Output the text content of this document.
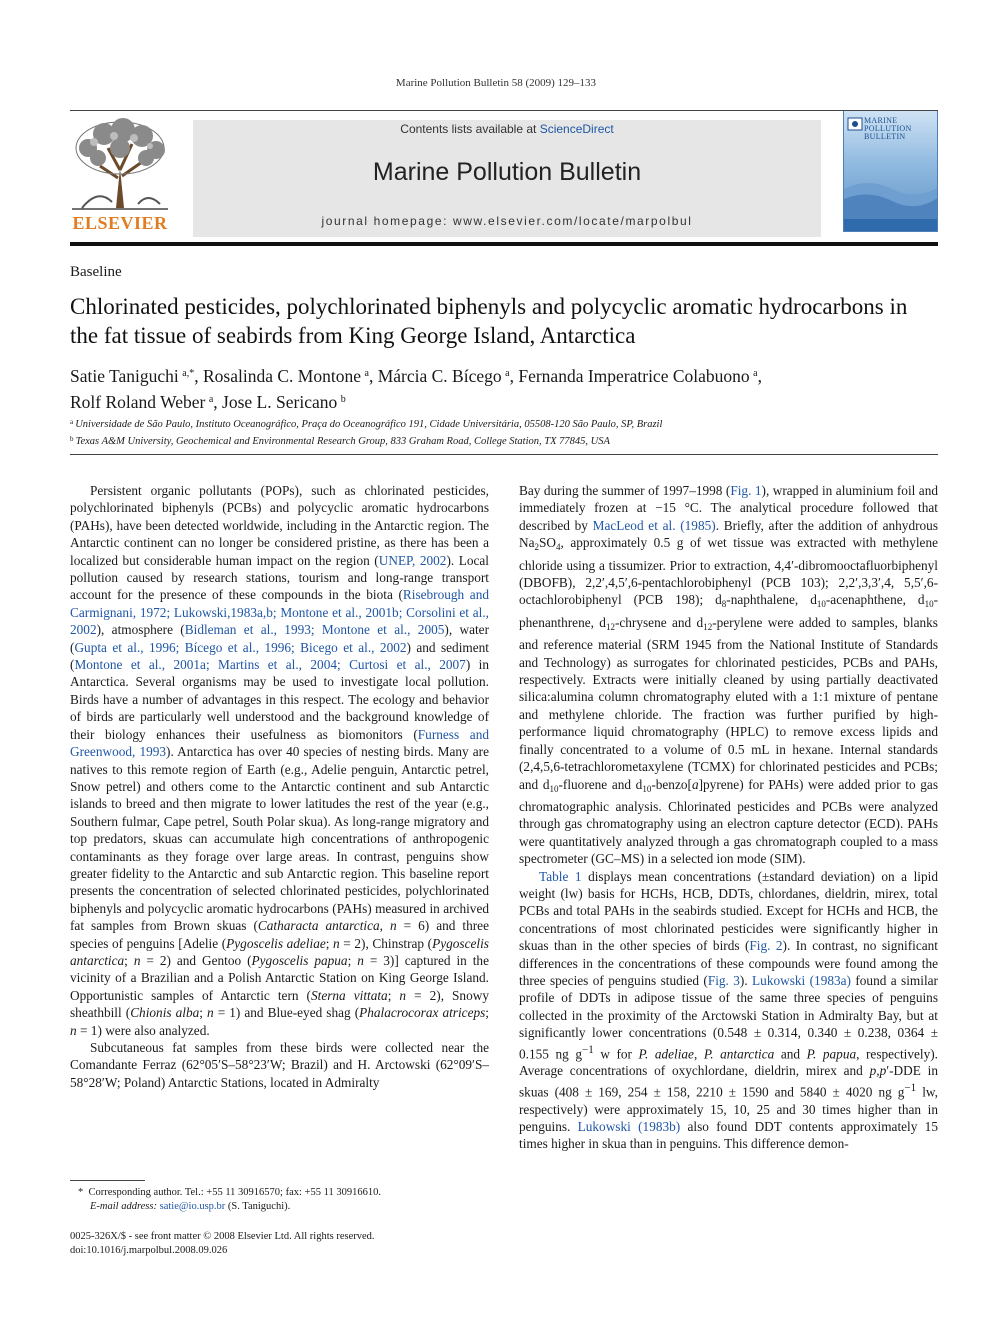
Marine Pollution Bulletin 58 (2009) 129–133
ELSEVIER
Contents lists available at ScienceDirect
Marine Pollution Bulletin
journal homepage: www.elsevier.com/locate/marpolbul
MARINE POLLUTION BULLETIN
Baseline
Chlorinated pesticides, polychlorinated biphenyls and polycyclic aromatic hydrocarbons in the fat tissue of seabirds from King George Island, Antarctica
Satie Taniguchi  $^{a,*}$, Rosalinda C. Montone  $^a$, Márcia C. Bícego  $^a$, Fernanda Imperatrice Colabuono  $^a$,
Rolf Roland Weber  $^a$, Jose L. Sericano  $^b$
$^a$  Universidade de São Paulo, Instituto Oceanográfico, Praça do Oceanográfico 191, Cidade Universitária, 05508-120 São Paulo, SP, Brazil
$^b$  Texas A&M University, Geochemical and Environmental Research Group, 833 Graham Road, College Station, TX 77845, USA

Persistent organic pollutants (POPs), such as chlorinated pesticides, polychlorinated biphenyls (PCBs) and polycyclic aromatic hydrocarbons (PAHs), have been detected worldwide, including in the Antarctic region. The Antarctic continent can no longer be considered pristine, as there has been a localized but considerable human impact on the region (UNEP, 2002). Local pollution caused by research stations, tourism and long-range transport account for the presence of these compounds in the biota (Risebrough and Carmignani, 1972; Lukowski,1983a,b; Montone et al., 2001b; Corsolini et al., 2002), atmosphere (Bidleman et al., 1993; Montone et al., 2005), water (Gupta et al., 1996; Bícego et al., 1996; Bicego et al., 2002) and sediment (Montone et al., 2001a; Martins et al., 2004; Curtosi et al., 2007) in Antarctica. Several organisms may be used to investigate local pollution. Birds have a number of advantages in this respect. The ecology and behavior of birds are particularly well understood and the background knowledge of their biology enhances their usefulness as biomonitors (Furness and Greenwood, 1993). Antarctica has over 40 species of nesting birds. Many are natives to this remote region of Earth (e.g., Adelie penguin, Antarctic petrel, Snow petrel) and others come to the Antarctic continent and sub Antarctic islands to breed and then migrate to lower latitudes the rest of the year (e.g., Southern fulmar, Cape petrel, South Polar skua). As long-range migratory and top predators, skuas can accumulate high concentrations of anthropogenic contaminants as they forage over large areas. In contrast, penguins show greater fidelity to the Antarctic and sub Antarctic region. This baseline report presents the concentration of selected chlorinated pesticides, polychlorinated biphenyls and polycyclic aromatic hydrocarbons (PAHs) measured in archived fat samples from Brown skuas (Catharacta antarctica, n = 6) and three species of penguins [Adelie (Pygoscelis adeliae; n = 2), Chinstrap (Pygoscelis antarctica; n = 2) and Gentoo (Pygoscelis papua; n = 3)] captured in the vicinity of a Brazilian and a Polish Antarctic Station on King George Island. Opportunistic samples of Antarctic tern (Sterna vittata; n = 2), Snowy sheathbill (Chionis alba; n = 1) and Blue-eyed shag (Phalacrocorax atriceps; n = 1) were also analyzed.

Subcutaneous fat samples from these birds were collected near the Comandante Ferraz (62°05′S–58°23′W; Brazil) and H. Arctowski (62°09′S–58°28′W; Poland) Antarctic Stations, located in Admiralty

Bay during the summer of 1997–1998 (Fig. 1), wrapped in aluminium foil and immediately frozen at −15 °C. The analytical procedure followed that described by MacLeod et al. (1985). Briefly, after the addition of anhydrous $Na_2SO_4$, approximately 0.5 g of wet tissue was extracted with methylene chloride using a tissumizer. Prior to extraction, 4,4′-dibromooctafluorbiphenyl (DBOFB), 2,2′,4,5′,6-pentachlorobiphenyl (PCB 103); 2,2′,3,3′,4, 5,5′,6-octachlorobiphenyl (PCB 198); $d_8$-naphthalene, $d_{10}$-acenaphthene, $d_{10}$-phenanthrene, $d_{12}$-chrysene and $d_{12}$-perylene were added to samples, blanks and reference material (SRM 1945 from the National Institute of Standards and Technology) as surrogates for chlorinated pesticides, PCBs and PAHs, respectively. Extracts were initially cleaned by using partially deactivated silica:alumina column chromatography eluted with a 1:1 mixture of pentane and methylene chloride. The fraction was further purified by high-performance liquid chromatography (HPLC) to remove excess lipids and finally concentrated to a volume of 0.5 mL in hexane. Internal standards (2,4,5,6-tetrachlorometaxylene (TCMX) for chlorinated pesticides and PCBs; and $d_{10}$-fluorene and $d_{10}-benzo[a]pyrene$) for PAHs) were added prior to gas chromatographic analysis. Chlorinated pesticides and PCBs were analyzed through gas chromatography using an electron capture detector (ECD). PAHs were quantitatively analyzed through a gas chromatograph coupled to a mass spectrometer (GC–MS) in a selected ion mode (SIM).

Table 1 displays mean concentrations (±standard deviation) on a lipid weight (lw) basis for HCHs, HCB, DDTs, chlordanes, dieldrin, mirex, total PCBs and total PAHs in the seabirds studied. Except for HCHs and HCB, the concentrations of most chlorinated pesticides were significantly higher in skuas than in the other species of birds (Fig. 2). In contrast, no significant differences in the concentrations of these compounds were found among the three species of penguins studied (Fig. 3). Lukowski (1983a) found a similar profile of DDTs in adipose tissue of the same three species of penguins collected in the proximity of the Arctowski Station in Admiralty Bay, but at significantly lower concentrations (0.548 ± 0.314, 0.340 ± 0.238, 0364 ± 0.155 ng $g^{-1}$ w for P. adeliae, P. antarctica and P. papua, respectively). Average concentrations of oxychlordane, dieldrin, mirex and p,p′-DDE in skuas (408 ± 169, 254 ± 158, 2210 ± 1590 and 5840 ± 4020 ng $g^{-1}$ lw, respectively) were approximately 15, 10, 25 and 30 times higher than in penguins. Lukowski (1983b) also found DDT contents approximately 15 times higher in skua than in penguins. This difference demon-

* Corresponding author. Tel.: +55 11 30916570; fax: +55 11 30916610.
E-mail address: satie@io.usp.br (S. Taniguchi).
0025-326X/$ - see front matter © 2008 Elsevier Ltd. All rights reserved.
doi:10.1016/j.marpolbul.2008.09.026
